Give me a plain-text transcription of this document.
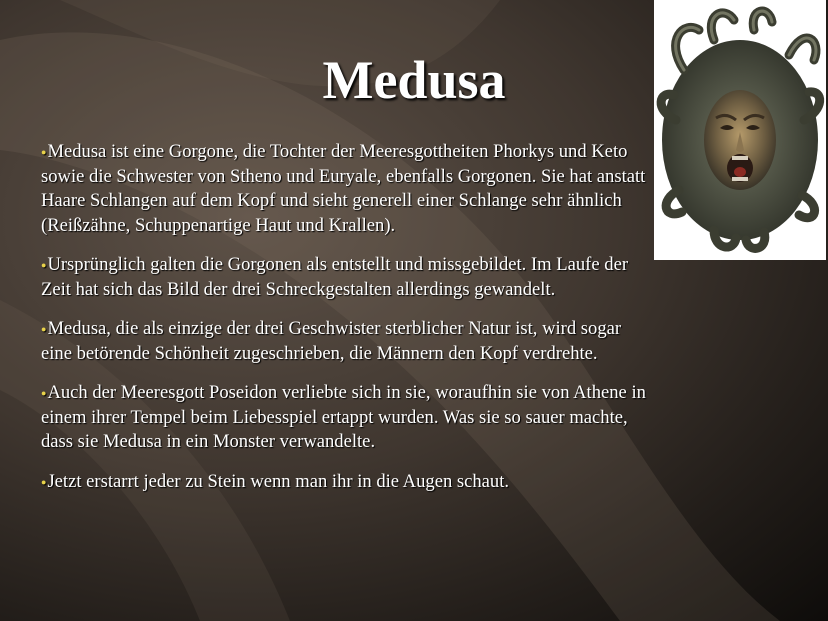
Medusa

●Medusa ist eine Gorgone, die Tochter der Meeresgottheiten Phorkys und Keto sowie die Schwester von Stheno und Euryale, ebenfalls Gorgonen. Sie hat anstatt Haare Schlangen auf dem Kopf und sieht generell einer Schlange sehr ähnlich (Reißzähne, Schuppenartige Haut und Krallen).

●Ursprünglich galten die Gorgonen als entstellt und missgebildet. Im Laufe der Zeit hat sich das Bild der drei Schreckgestalten allerdings gewandelt.

●Medusa, die als einzige der drei Geschwister sterblicher Natur ist, wird sogar eine betörende Schönheit zugeschrieben, die Männern den Kopf verdrehte.

●Auch der Meeresgott Poseidon verliebte sich in sie, woraufhin sie von Athene in einem ihrer Tempel beim Liebesspiel ertappt wurden. Was sie so sauer machte, dass sie Medusa in ein Monster verwandelte.

●Jetzt erstarrt jeder zu Stein wenn man ihr in die Augen schaut.
